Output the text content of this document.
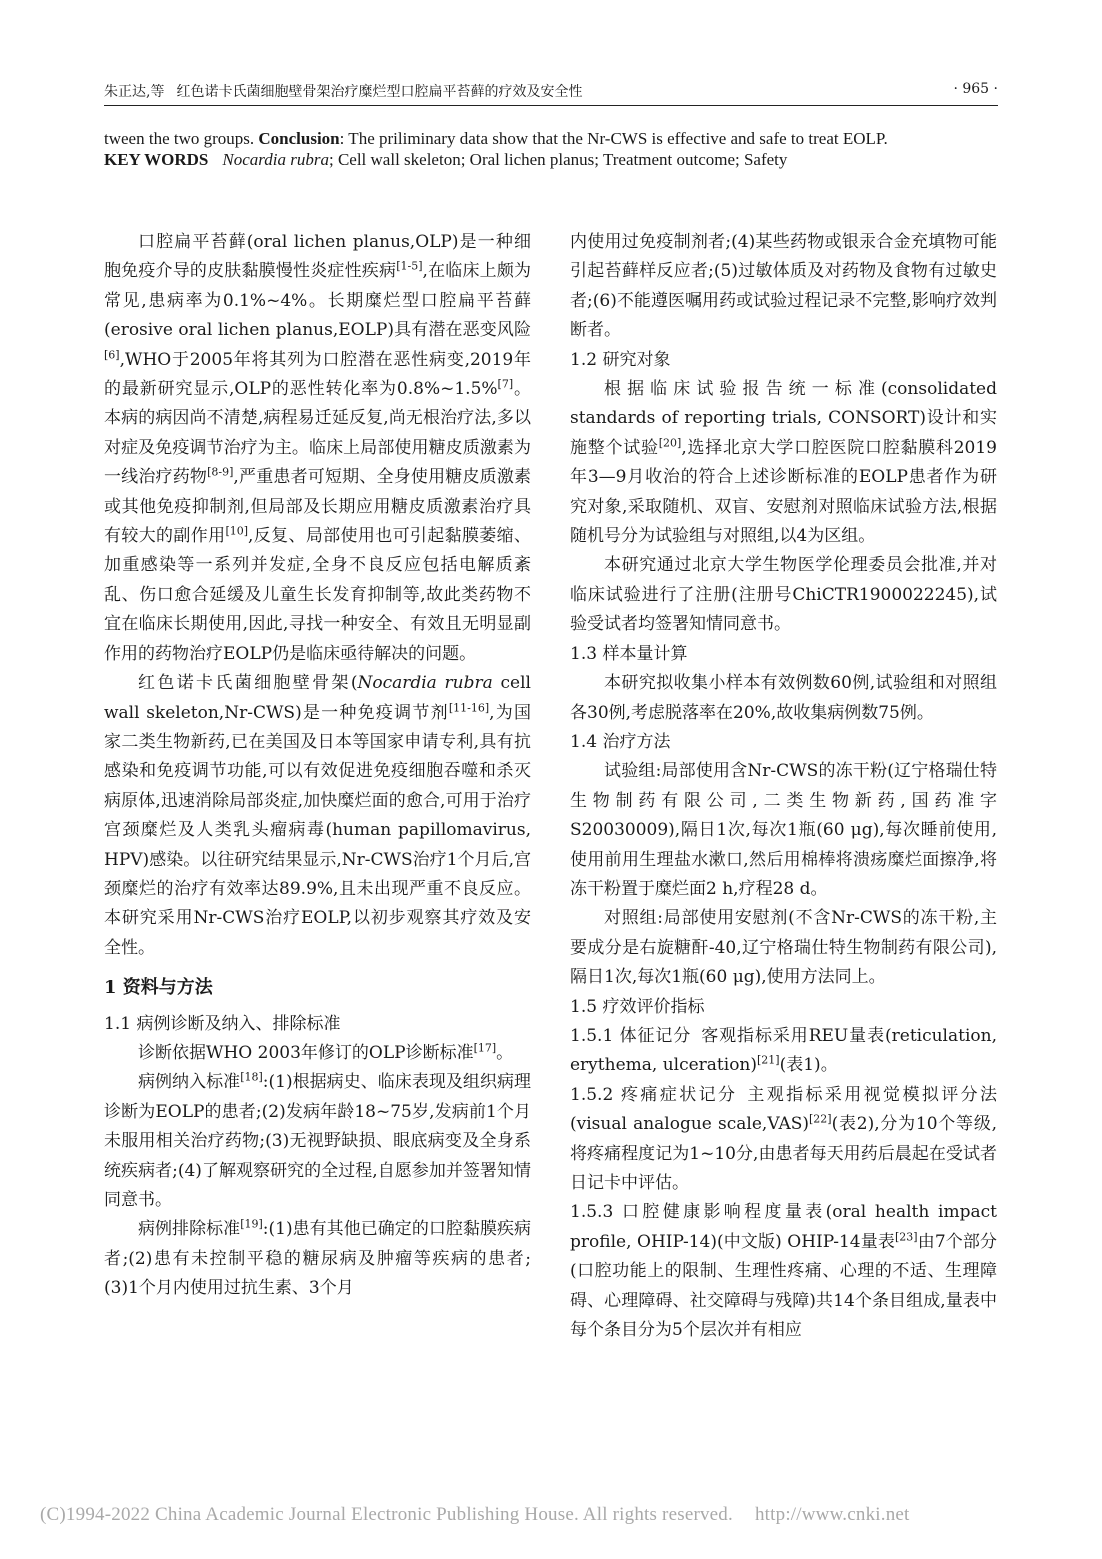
朱正达,等 红色诺卡氏菌细胞壁骨架治疗糜烂型口腔扁平苔藓的疗效及安全性	· 965 ·

tween the two groups. Conclusion: The priliminary data show that the Nr-CWS is effective and safe to treat EOLP.

KEY WORDS Nocardia rubra; Cell wall skeleton; Oral lichen planus; Treatment outcome; Safety

口腔扁平苔藓(oral lichen planus,OLP)是一种细胞免疫介导的皮肤黏膜慢性炎症性疾病[1-5],在临床上颇为常见,患病率为0.1%~4%。长期糜烂型口腔扁平苔藓(erosive oral lichen planus,EOLP)具有潜在恶变风险[6],WHO于2005年将其列为口腔潜在恶性病变,2019年的最新研究显示,OLP的恶性转化率为0.8%~1.5%[7]。本病的病因尚不清楚,病程易迁延反复,尚无根治疗法,多以对症及免疫调节治疗为主。临床上局部使用糖皮质激素为一线治疗药物[8-9],严重患者可短期、全身使用糖皮质激素或其他免疫抑制剂,但局部及长期应用糖皮质激素治疗具有较大的副作用[10],反复、局部使用也可引起黏膜萎缩、加重感染等一系列并发症,全身不良反应包括电解质紊乱、伤口愈合延缓及儿童生长发育抑制等,故此类药物不宜在临床长期使用,因此,寻找一种安全、有效且无明显副作用的药物治疗EOLP仍是临床亟待解决的问题。

红色诺卡氏菌细胞壁骨架(Nocardia rubra cell wall skeleton,Nr-CWS)是一种免疫调节剂[11-16],为国家二类生物新药,已在美国及日本等国家申请专利,具有抗感染和免疫调节功能,可以有效促进免疫细胞吞噬和杀灭病原体,迅速消除局部炎症,加快糜烂面的愈合,可用于治疗宫颈糜烂及人类乳头瘤病毒(human papillomavirus, HPV)感染。以往研究结果显示,Nr-CWS治疗1个月后,宫颈糜烂的治疗有效率达89.9%,且未出现严重不良反应。本研究采用Nr-CWS治疗EOLP,以初步观察其疗效及安全性。

1 资料与方法
1.1 病例诊断及纳入、排除标准

诊断依据WHO 2003年修订的OLP诊断标准[17]。

病例纳入标准[18]:(1)根据病史、临床表现及组织病理诊断为EOLP的患者;(2)发病年龄18~75岁,发病前1个月未服用相关治疗药物;(3)无视野缺损、眼底病变及全身系统疾病者;(4)了解观察研究的全过程,自愿参加并签署知情同意书。

病例排除标准[19]:(1)患有其他已确定的口腔黏膜疾病者;(2)患有未控制平稳的糖尿病及肿瘤等疾病的患者;(3)1个月内使用过抗生素、3个月

内使用过免疫制剂者;(4)某些药物或银汞合金充填物可能引起苔藓样反应者;(5)过敏体质及对药物及食物有过敏史者;(6)不能遵医嘱用药或试验过程记录不完整,影响疗效判断者。

1.2 研究对象

根据临床试验报告统一标准(consolidated standards of reporting trials, CONSORT)设计和实施整个试验[20],选择北京大学口腔医院口腔黏膜科2019年3—9月收治的符合上述诊断标准的EOLP患者作为研究对象,采取随机、双盲、安慰剂对照临床试验方法,根据随机号分为试验组与对照组,以4为区组。

本研究通过北京大学生物医学伦理委员会批准,并对临床试验进行了注册(注册号ChiCTR1900022245),试验受试者均签署知情同意书。

1.3 样本量计算

本研究拟收集小样本有效例数60例,试验组和对照组各30例,考虑脱落率在20%,故收集病例数75例。

1.4 治疗方法

试验组:局部使用含Nr-CWS的冻干粉(辽宁格瑞仕特生物制药有限公司,二类生物新药,国药准字S20030009),隔日1次,每次1瓶(60 μg),每次睡前使用,使用前用生理盐水漱口,然后用棉棒将溃疡糜烂面擦净,将冻干粉置于糜烂面2 h,疗程28 d。

对照组:局部使用安慰剂(不含Nr-CWS的冻干粉,主要成分是右旋糖酐-40,辽宁格瑞仕特生物制药有限公司),隔日1次,每次1瓶(60 μg),使用方法同上。

1.5 疗效评价指标

1.5.1 体征记分 客观指标采用REU量表(reticulation, erythema, ulceration)[21](表1)。

1.5.2 疼痛症状记分 主观指标采用视觉模拟评分法(visual analogue scale,VAS)[22](表2),分为10个等级,将疼痛程度记为1~10分,由患者每天用药后晨起在受试者日记卡中评估。

1.5.3 口腔健康影响程度量表(oral health impact profile, OHIP-14)(中文版) OHIP-14量表[23]由7个部分(口腔功能上的限制、生理性疼痛、心理的不适、生理障碍、心理障碍、社交障碍与残障)共14个条目组成,量表中每个条目分为5个层次并有相应

(C)1994-2022 China Academic Journal Electronic Publishing House. All rights reserved. http://www.cnki.net
